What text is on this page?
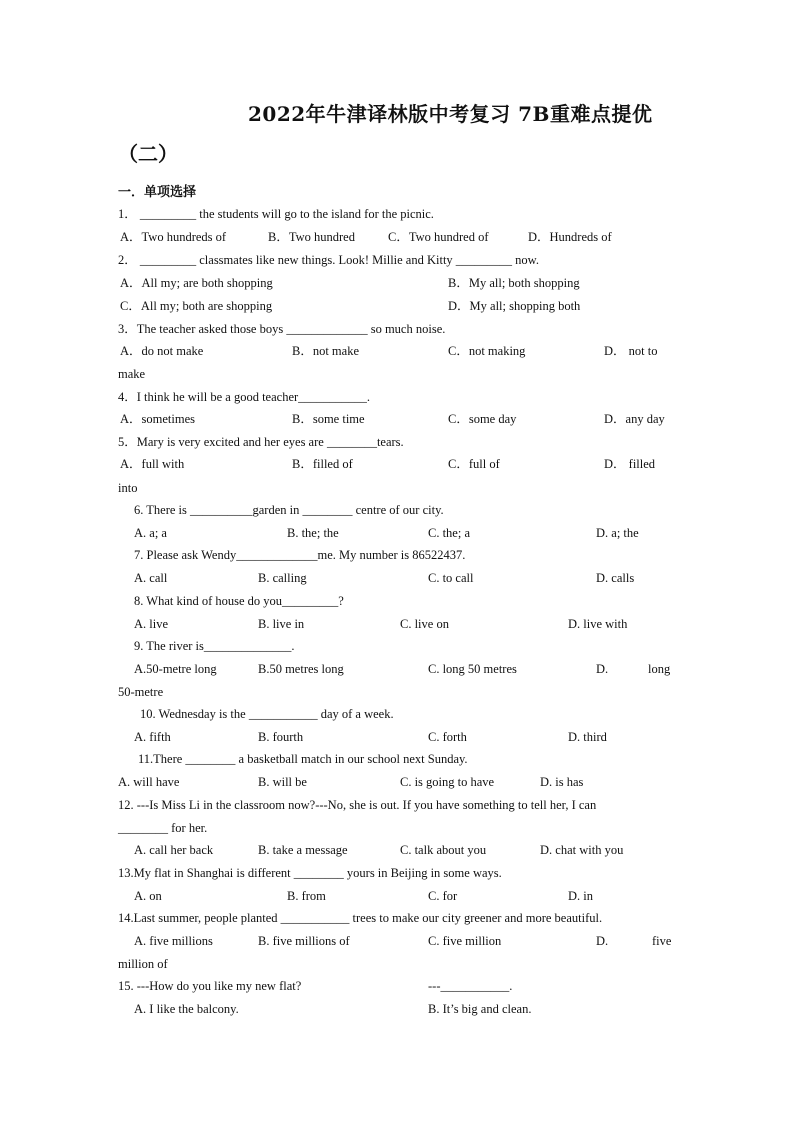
2022年牛津译林版中考复习 7B重难点提优
（二）
一．单项选择
1． _________ the students will go to the island for the picnic.
A．Two hundreds of	B．Two hundred	C．Two hundred of	D．Hundreds of
2． _________ classmates like new things. Look! Millie and Kitty _________ now.
A．All my; are both shopping	B．My all; both shopping
C．All my; both are shopping	D．My all; shopping both
3．The teacher asked those boys _____________ so much noise.
A．do not make	B．not make	C．not making	D． not to
make
4．I think he will be a good teacher___________.
A．sometimes	B．some time	C．some day	D．any day
5．Mary is very excited and her eyes are ________tears.
A．full with	B．filled of	C．full of	D． filled
into
6. There is __________garden in ________ centre of our city.
A. a; a	B. the; the	C. the; a	D. a; the
7. Please ask Wendy_____________me. My number is 86522437.
A. call	B. calling	C. to call	D. calls
8. What kind of house do you_________?
A. live	B. live in	C. live on	D. live with
9. The river is______________.
A.50-metre long	B.50 metres long	C. long 50 metres	D.	long
50-metre
10. Wednesday is the ___________ day of a week.
A. fifth	B. fourth	C. forth	D. third
11.There ________ a basketball match in our school next Sunday.
A. will have	B. will be	C. is going to have	D. is has
12. ---Is Miss Li in the classroom now?---No, she is out. If you have something to tell her, I can
________ for her.
A. call her back	B. take a message	C. talk about you	D. chat with you
13.My flat in Shanghai is different ________ yours in Beijing in some ways.
A. on	B. from	C. for	D. in
14.Last summer, people planted ___________ trees to make our city greener and more beautiful.
A. five millions	B. five millions of	C. five million	D.	five
million of
15. ---How do you like my new flat?	---___________.
A. I like the balcony.	B. It’s big and clean.
